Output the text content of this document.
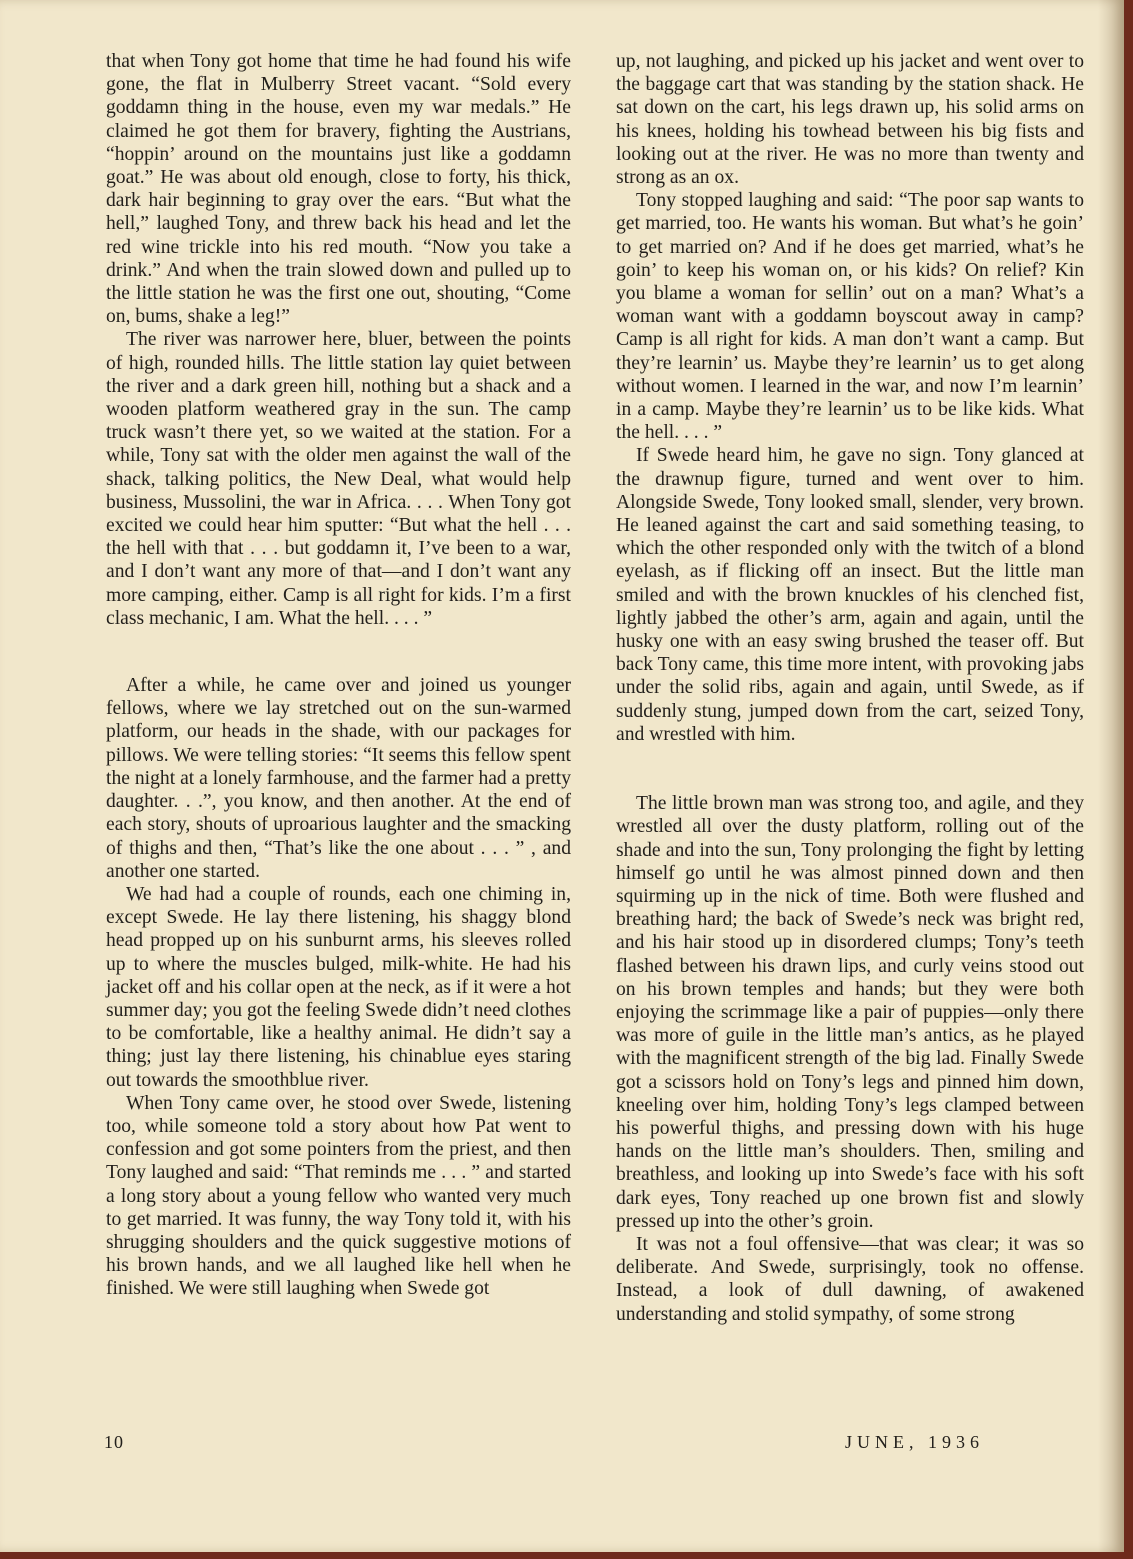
that when Tony got home that time he had found his wife gone, the flat in Mulberry Street vacant. “Sold every goddamn thing in the house, even my war medals.” He claimed he got them for bravery, fighting the Austrians, “hoppin’ around on the mountains just like a goddamn goat.” He was about old enough, close to forty, his thick, dark hair beginning to gray over the ears. “But what the hell,” laughed Tony, and threw back his head and let the red wine trickle into his red mouth. “Now you take a drink.” And when the train slowed down and pulled up to the little station he was the first one out, shouting, “Come on, bums, shake a leg!”

The river was narrower here, bluer, between the points of high, rounded hills. The little station lay quiet between the river and a dark green hill, nothing but a shack and a wooden platform weathered gray in the sun. The camp truck wasn’t there yet, so we waited at the station. For a while, Tony sat with the older men against the wall of the shack, talking politics, the New Deal, what would help business, Mussolini, the war in Africa. . . . When Tony got excited we could hear him sputter: “But what the hell . . . the hell with that . . . but goddamn it, I’ve been to a war, and I don’t want any more of that—and I don’t want any more camping, either. Camp is all right for kids. I’m a first class mechanic, I am. What the hell. . . . ”

After a while, he came over and joined us younger fellows, where we lay stretched out on the sun-warmed platform, our heads in the shade, with our packages for pillows. We were telling stories: “It seems this fellow spent the night at a lonely farmhouse, and the farmer had a pretty daughter. . .”, you know, and then another. At the end of each story, shouts of uproarious laughter and the smacking of thighs and then, “That’s like the one about . . . ” , and another one started.

We had had a couple of rounds, each one chiming in, except Swede. He lay there listening, his shaggy blond head propped up on his sunburnt arms, his sleeves rolled up to where the muscles bulged, milk-white. He had his jacket off and his collar open at the neck, as if it were a hot summer day; you got the feeling Swede didn’t need clothes to be comfortable, like a healthy animal. He didn’t say a thing; just lay there listening, his chinablue eyes staring out towards the smoothblue river.

When Tony came over, he stood over Swede, listening too, while someone told a story about how Pat went to confession and got some pointers from the priest, and then Tony laughed and said: “That reminds me . . . ” and started a long story about a young fellow who wanted very much to get married. It was funny, the way Tony told it, with his shrugging shoulders and the quick suggestive motions of his brown hands, and we all laughed like hell when he finished. We were still laughing when Swede got

up, not laughing, and picked up his jacket and went over to the baggage cart that was standing by the station shack. He sat down on the cart, his legs drawn up, his solid arms on his knees, holding his towhead between his big fists and looking out at the river. He was no more than twenty and strong as an ox.

Tony stopped laughing and said: “The poor sap wants to get married, too. He wants his woman. But what’s he goin’ to get married on? And if he does get married, what’s he goin’ to keep his woman on, or his kids? On relief? Kin you blame a woman for sellin’ out on a man? What’s a woman want with a goddamn boyscout away in camp? Camp is all right for kids. A man don’t want a camp. But they’re learnin’ us. Maybe they’re learnin’ us to get along without women. I learned in the war, and now I’m learnin’ in a camp. Maybe they’re learnin’ us to be like kids. What the hell. . . . ”

If Swede heard him, he gave no sign. Tony glanced at the drawnup figure, turned and went over to him. Alongside Swede, Tony looked small, slender, very brown. He leaned against the cart and said something teasing, to which the other responded only with the twitch of a blond eyelash, as if flicking off an insect. But the little man smiled and with the brown knuckles of his clenched fist, lightly jabbed the other’s arm, again and again, until the husky one with an easy swing brushed the teaser off. But back Tony came, this time more intent, with provoking jabs under the solid ribs, again and again, until Swede, as if suddenly stung, jumped down from the cart, seized Tony, and wrestled with him.

The little brown man was strong too, and agile, and they wrestled all over the dusty platform, rolling out of the shade and into the sun, Tony prolonging the fight by letting himself go until he was almost pinned down and then squirming up in the nick of time. Both were flushed and breathing hard; the back of Swede’s neck was bright red, and his hair stood up in disordered clumps; Tony’s teeth flashed between his drawn lips, and curly veins stood out on his brown temples and hands; but they were both enjoying the scrimmage like a pair of puppies—only there was more of guile in the little man’s antics, as he played with the magnificent strength of the big lad. Finally Swede got a scissors hold on Tony’s legs and pinned him down, kneeling over him, holding Tony’s legs clamped between his powerful thighs, and pressing down with his huge hands on the little man’s shoulders. Then, smiling and breathless, and looking up into Swede’s face with his soft dark eyes, Tony reached up one brown fist and slowly pressed up into the other’s groin.

It was not a foul offensive—that was clear; it was so deliberate. And Swede, surprisingly, took no offense. Instead, a look of dull dawning, of awakened understanding and stolid sympathy, of some strong

10	JUNE, 1936
